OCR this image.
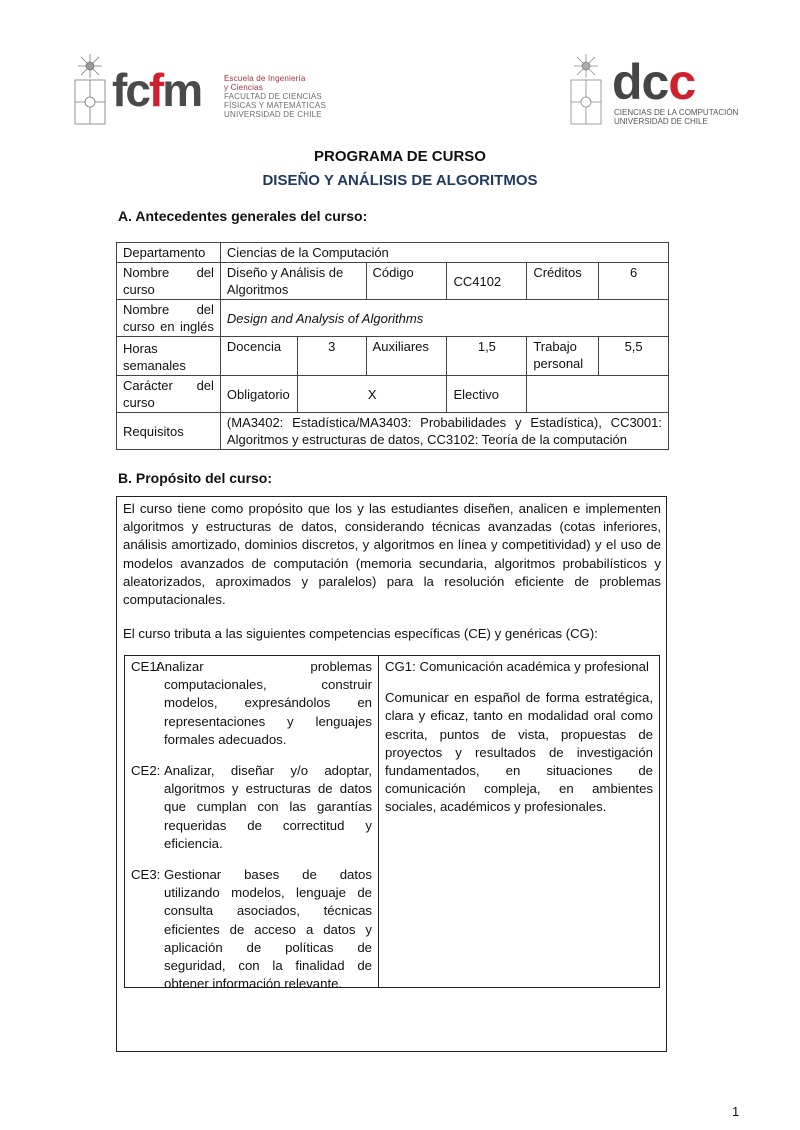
fcfm	Escuela de Ingeniería
y Ciencias
FACULTAD DE CIENCIAS
FÍSICAS Y MATEMÁTICAS
UNIVERSIDAD DE CHILE
dcc
CIENCIAS DE LA COMPUTACIÓN
UNIVERSIDAD DE CHILE
PROGRAMA DE CURSO
DISEÑO Y ANÁLISIS DE ALGORITMOS
A. Antecedentes generales del curso:
Departamento	Ciencias de la Computación					
Nombre del curso	Diseño y Análisis de Algoritmos		Código	CC4102	Créditos	6
Nombre del curso en inglés	Design and Analysis of Algorithms					
Horas semanales	Docencia	3	Auxiliares	1,5	Trabajo personal	5,5
Carácter del curso	Obligatorio	X		Electivo		
Requisitos	(MA3402: Estadística/MA3403: Probabilidades y Estadística), CC3001: Algoritmos y estructuras de datos, CC3102: Teoría de la computación					
B. Propósito del curso:

El curso tiene como propósito que los y las estudiantes diseñen, analicen e implementen algoritmos y estructuras de datos, considerando técnicas avanzadas (cotas inferiores, análisis amortizado, dominios discretos, y algoritmos en línea y competitividad) y el uso de modelos avanzados de computación (memoria secundaria, algoritmos probabilísticos y aleatorizados, aproximados y paralelos) para la resolución eficiente de problemas computacionales.

El curso tributa a las siguientes competencias específicas (CE) y genéricas (CG):

CE1:
Analizar problemas computacionales, construir modelos, expresándolos en representaciones y lenguajes formales adecuados.
CE2: Analizar, diseñar y/o adoptar, algoritmos y estructuras de datos que cumplan con las garantías requeridas de correctitud y eficiencia.
CE3: Gestionar bases de datos utilizando modelos, lenguaje de consulta asociados, técnicas eficientes de acceso a datos y aplicación de políticas de seguridad, con la finalidad de obtener información relevante.
CG1: Comunicación académica y profesional
Comunicar en español de forma estratégica, clara y eficaz, tanto en modalidad oral como escrita, puntos de vista, propuestas de proyectos y resultados de investigación fundamentados, en situaciones de comunicación compleja, en ambientes sociales, académicos y profesionales.
1
